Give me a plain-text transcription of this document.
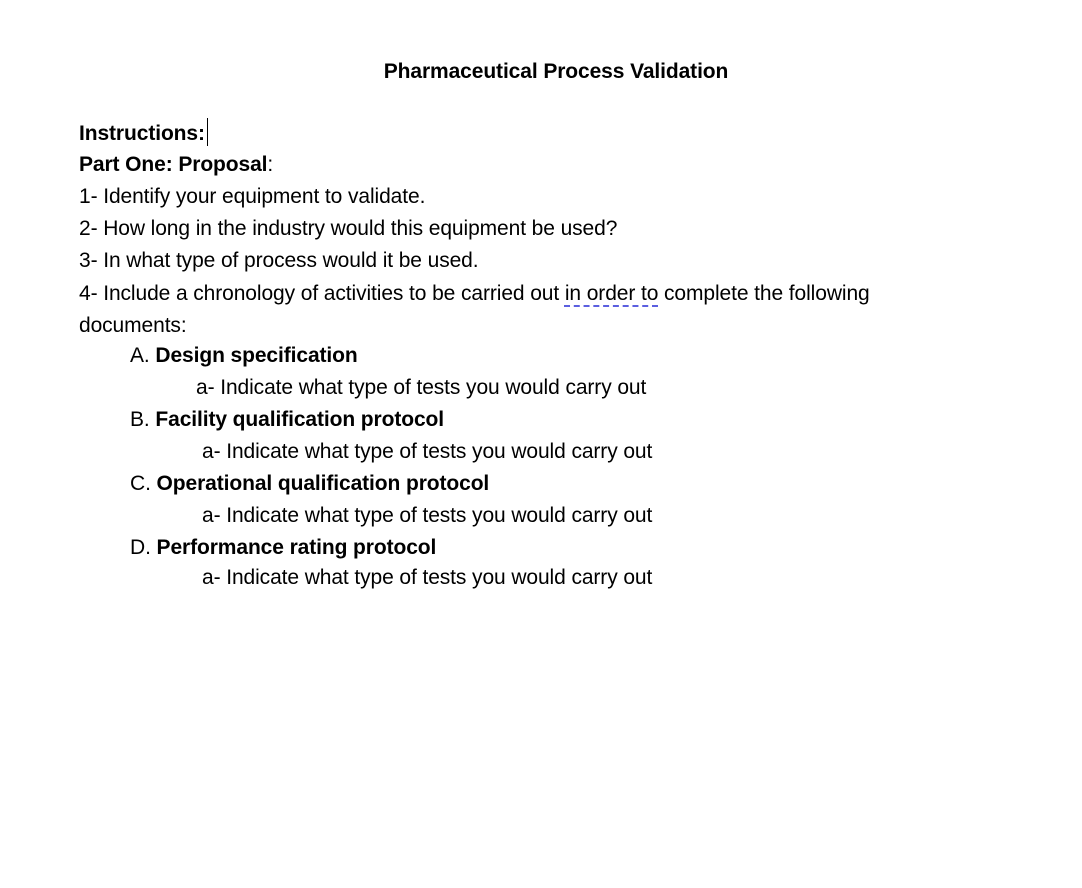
Pharmaceutical Process Validation
Instructions:
Part One: Proposal:
1- Identify your equipment to validate.
2- How long in the industry would this equipment be used?
3- In what type of process would it be used.
4- Include a chronology of activities to be carried out in order to complete the following
documents:
A. Design specification
a- Indicate what type of tests you would carry out
B. Facility qualification protocol
a- Indicate what type of tests you would carry out
C. Operational qualification protocol
a- Indicate what type of tests you would carry out
D. Performance rating protocol
a- Indicate what type of tests you would carry out
